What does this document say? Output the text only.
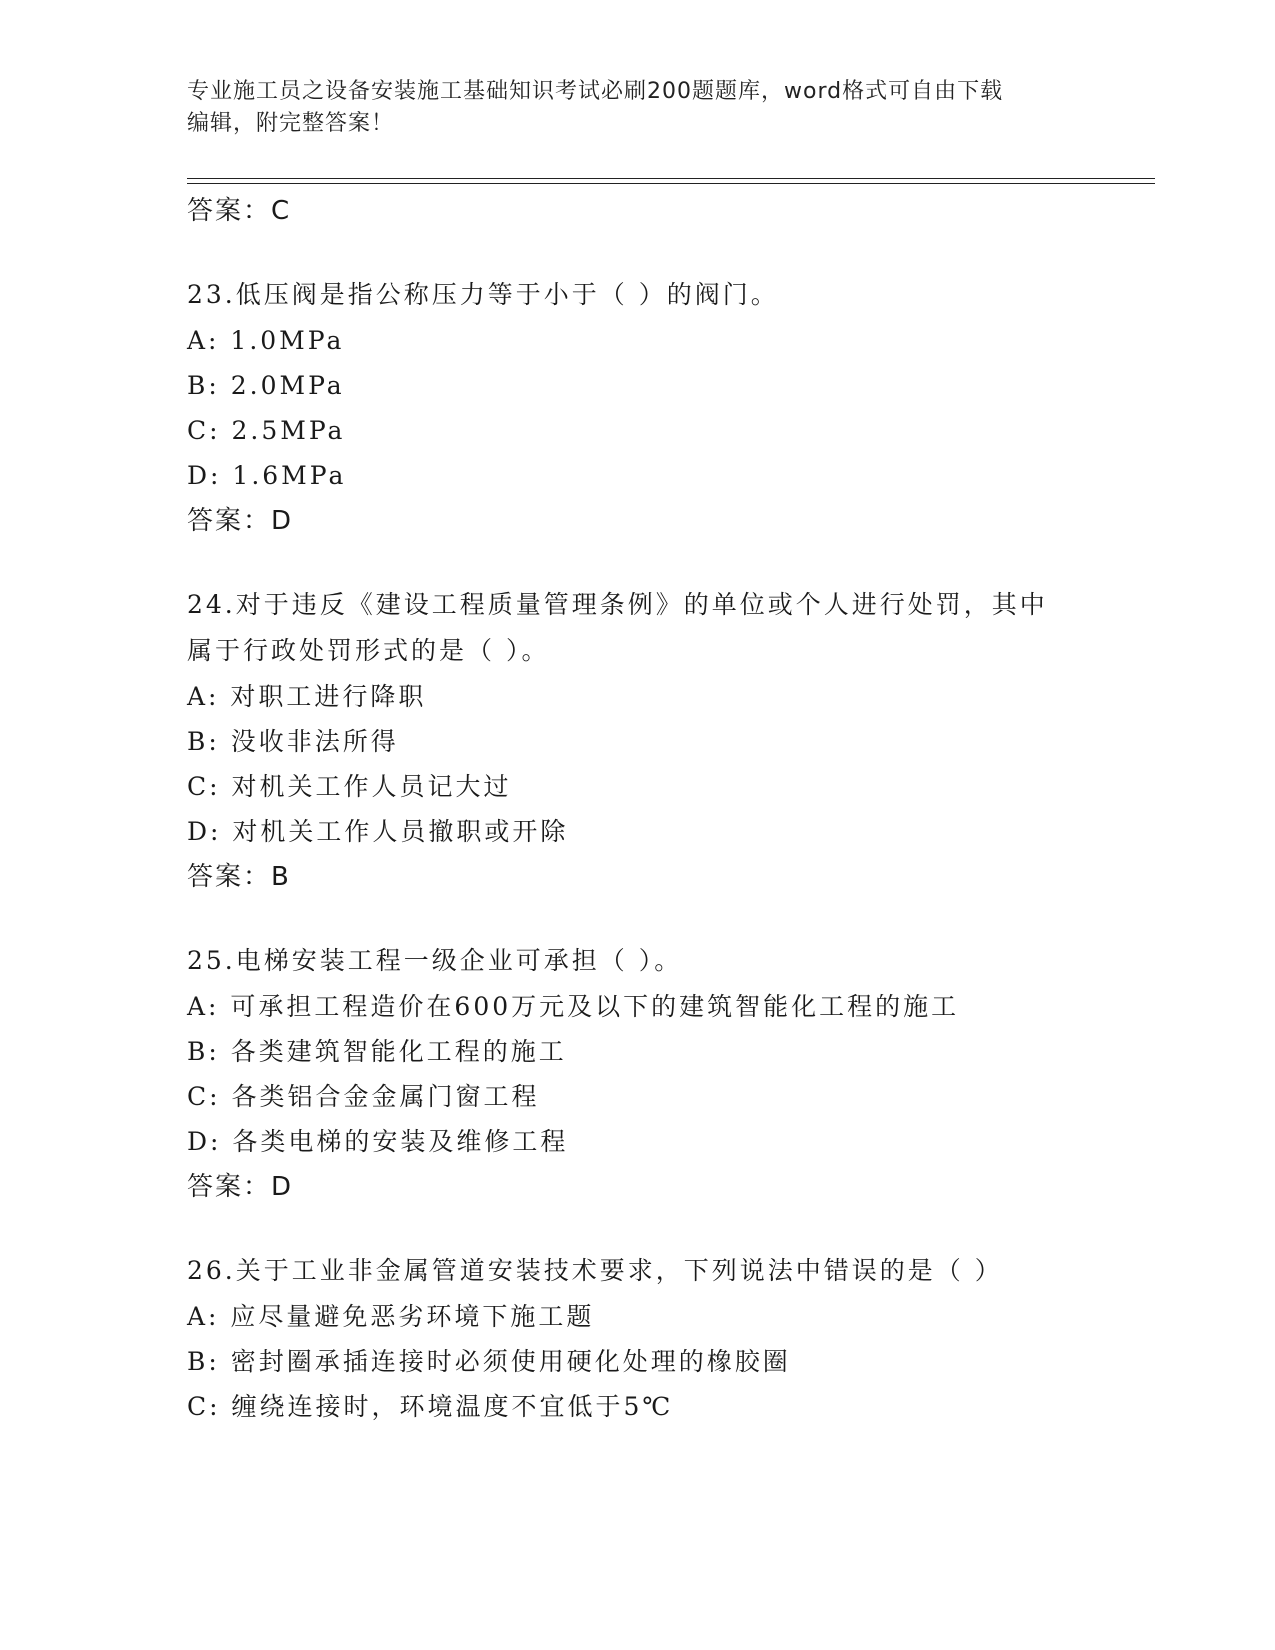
专业施工员之设备安装施工基础知识考试必刷200题题库，word格式可自由下载
编辑，附完整答案！
答案：C
23.低压阀是指公称压力等于小于（ ）的阀门。
A: 1.0MPa
B: 2.0MPa
C: 2.5MPa
D: 1.6MPa
答案：D
24.对于违反《建设工程质量管理条例》的单位或个人进行处罚，其中
属于行政处罚形式的是（ ）。
A: 对职工进行降职
B: 没收非法所得
C: 对机关工作人员记大过
D: 对机关工作人员撤职或开除
答案：B
25.电梯安装工程一级企业可承担（ ）。
A: 可承担工程造价在600万元及以下的建筑智能化工程的施工
B: 各类建筑智能化工程的施工
C: 各类铝合金金属门窗工程
D: 各类电梯的安装及维修工程
答案：D
26.关于工业非金属管道安装技术要求，下列说法中错误的是（ ）
A: 应尽量避免恶劣环境下施工题
B: 密封圈承插连接时必须使用硬化处理的橡胶圈
C: 缠绕连接时，环境温度不宜低于5℃
